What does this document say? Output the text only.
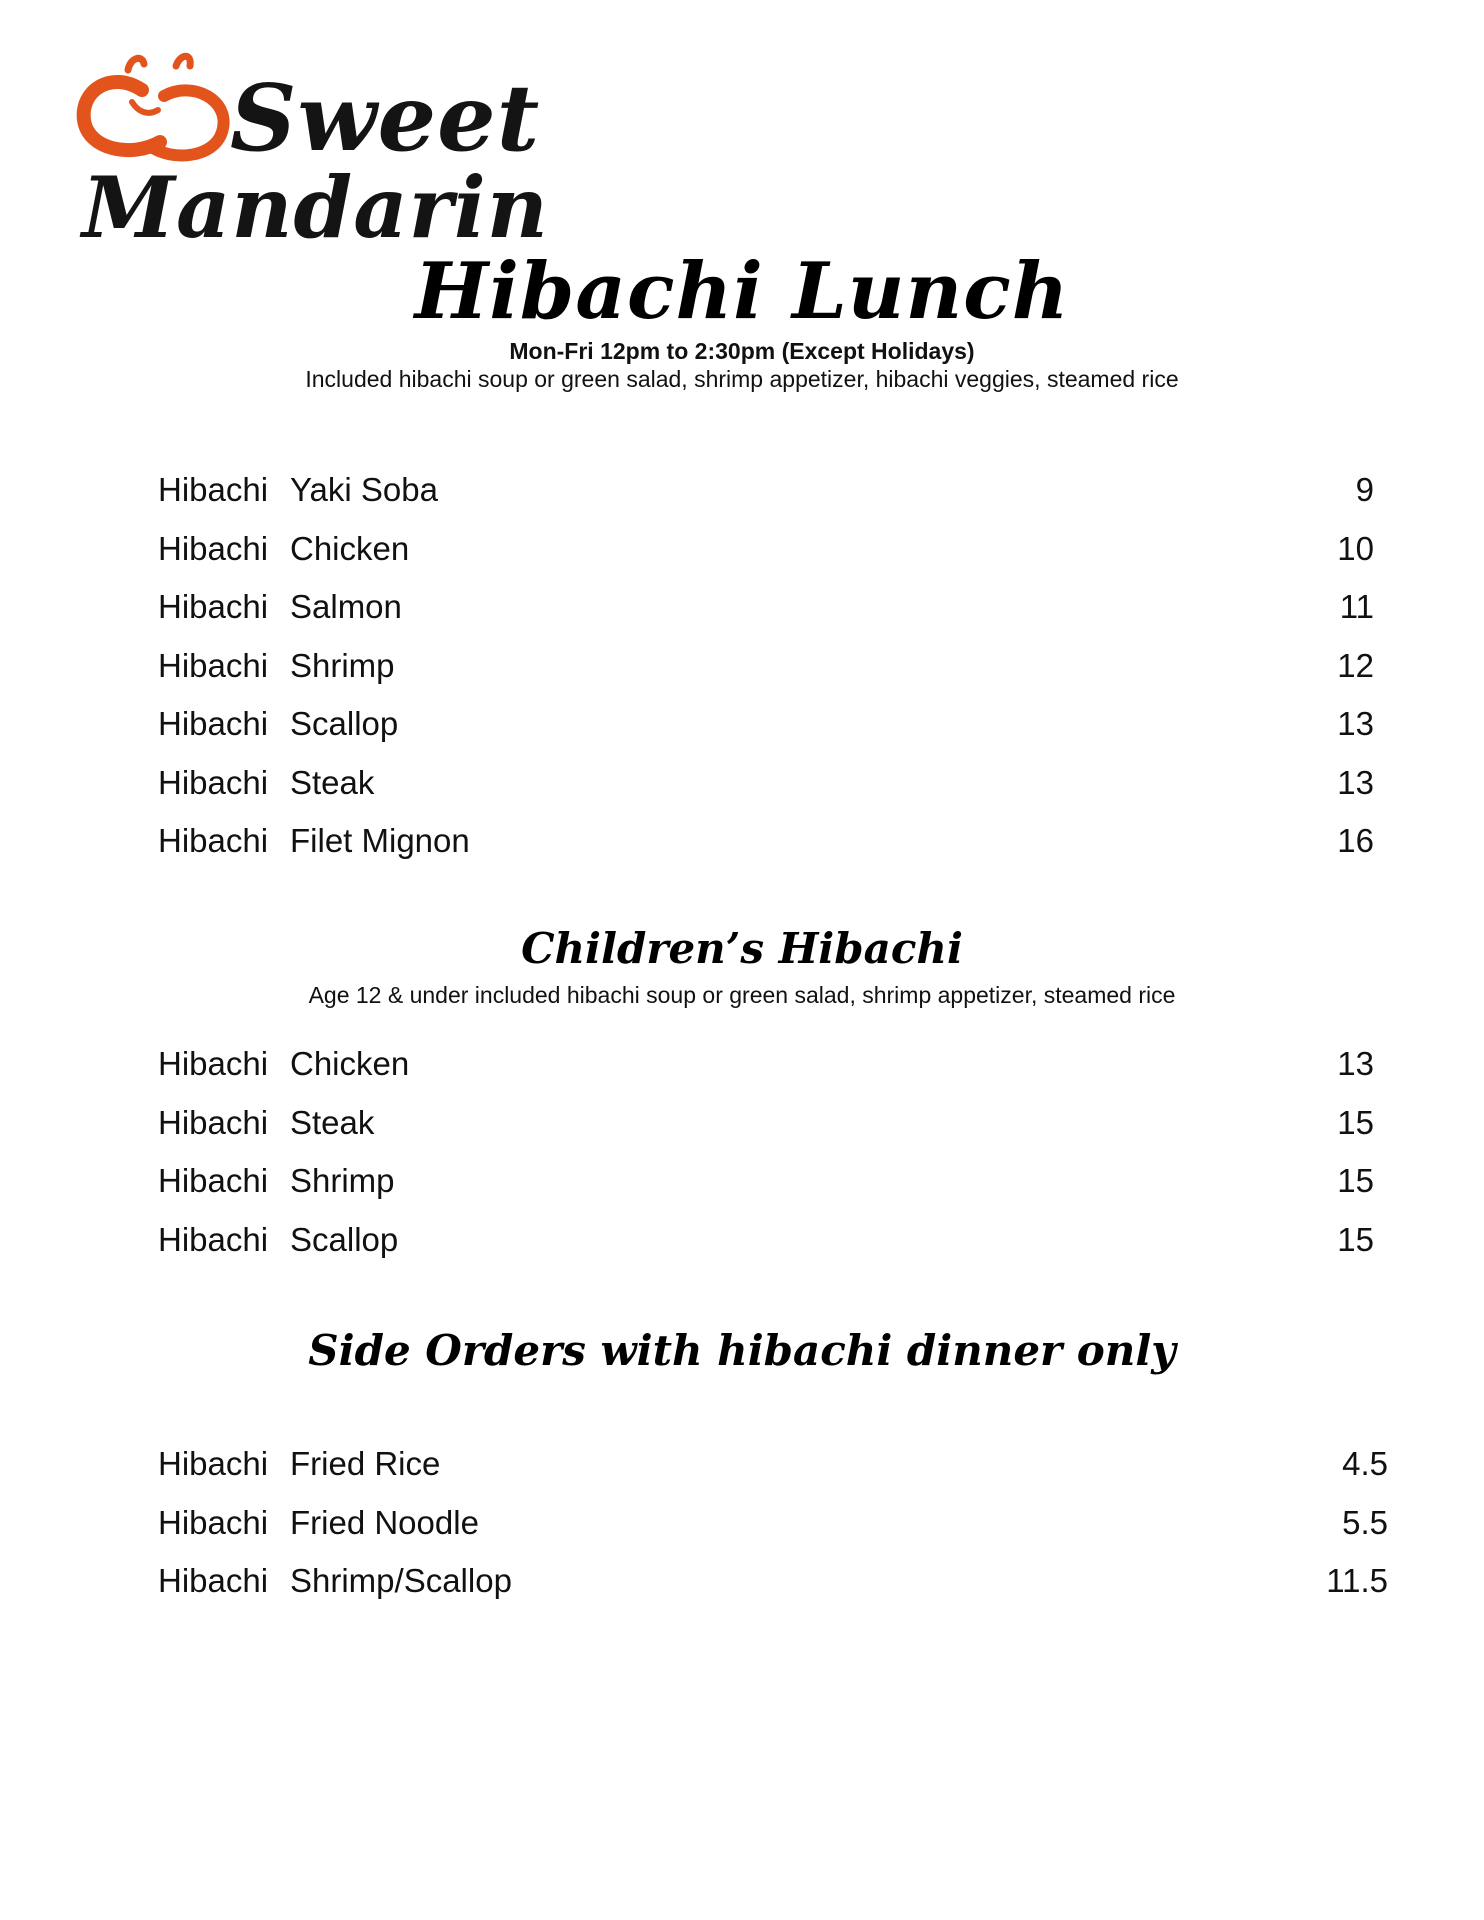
Sweet
Mandarin
Hibachi Lunch
Mon-Fri 12pm to 2:30pm (Except Holidays)
Included hibachi soup or green salad, shrimp appetizer, hibachi veggies, steamed rice
Hibachi Yaki Soba	9
Hibachi Chicken	10
Hibachi Salmon	11
Hibachi Shrimp	12
Hibachi Scallop	13
Hibachi Steak	13
Hibachi Filet Mignon	16
Children’s Hibachi
Age 12 & under included hibachi soup or green salad, shrimp appetizer, steamed rice
Hibachi Chicken	13
Hibachi Steak	15
Hibachi Shrimp	15
Hibachi Scallop	15
Side Orders with hibachi dinner only
Hibachi Fried Rice	4.5
Hibachi Fried Noodle	5.5
Hibachi Shrimp/Scallop	11.5
